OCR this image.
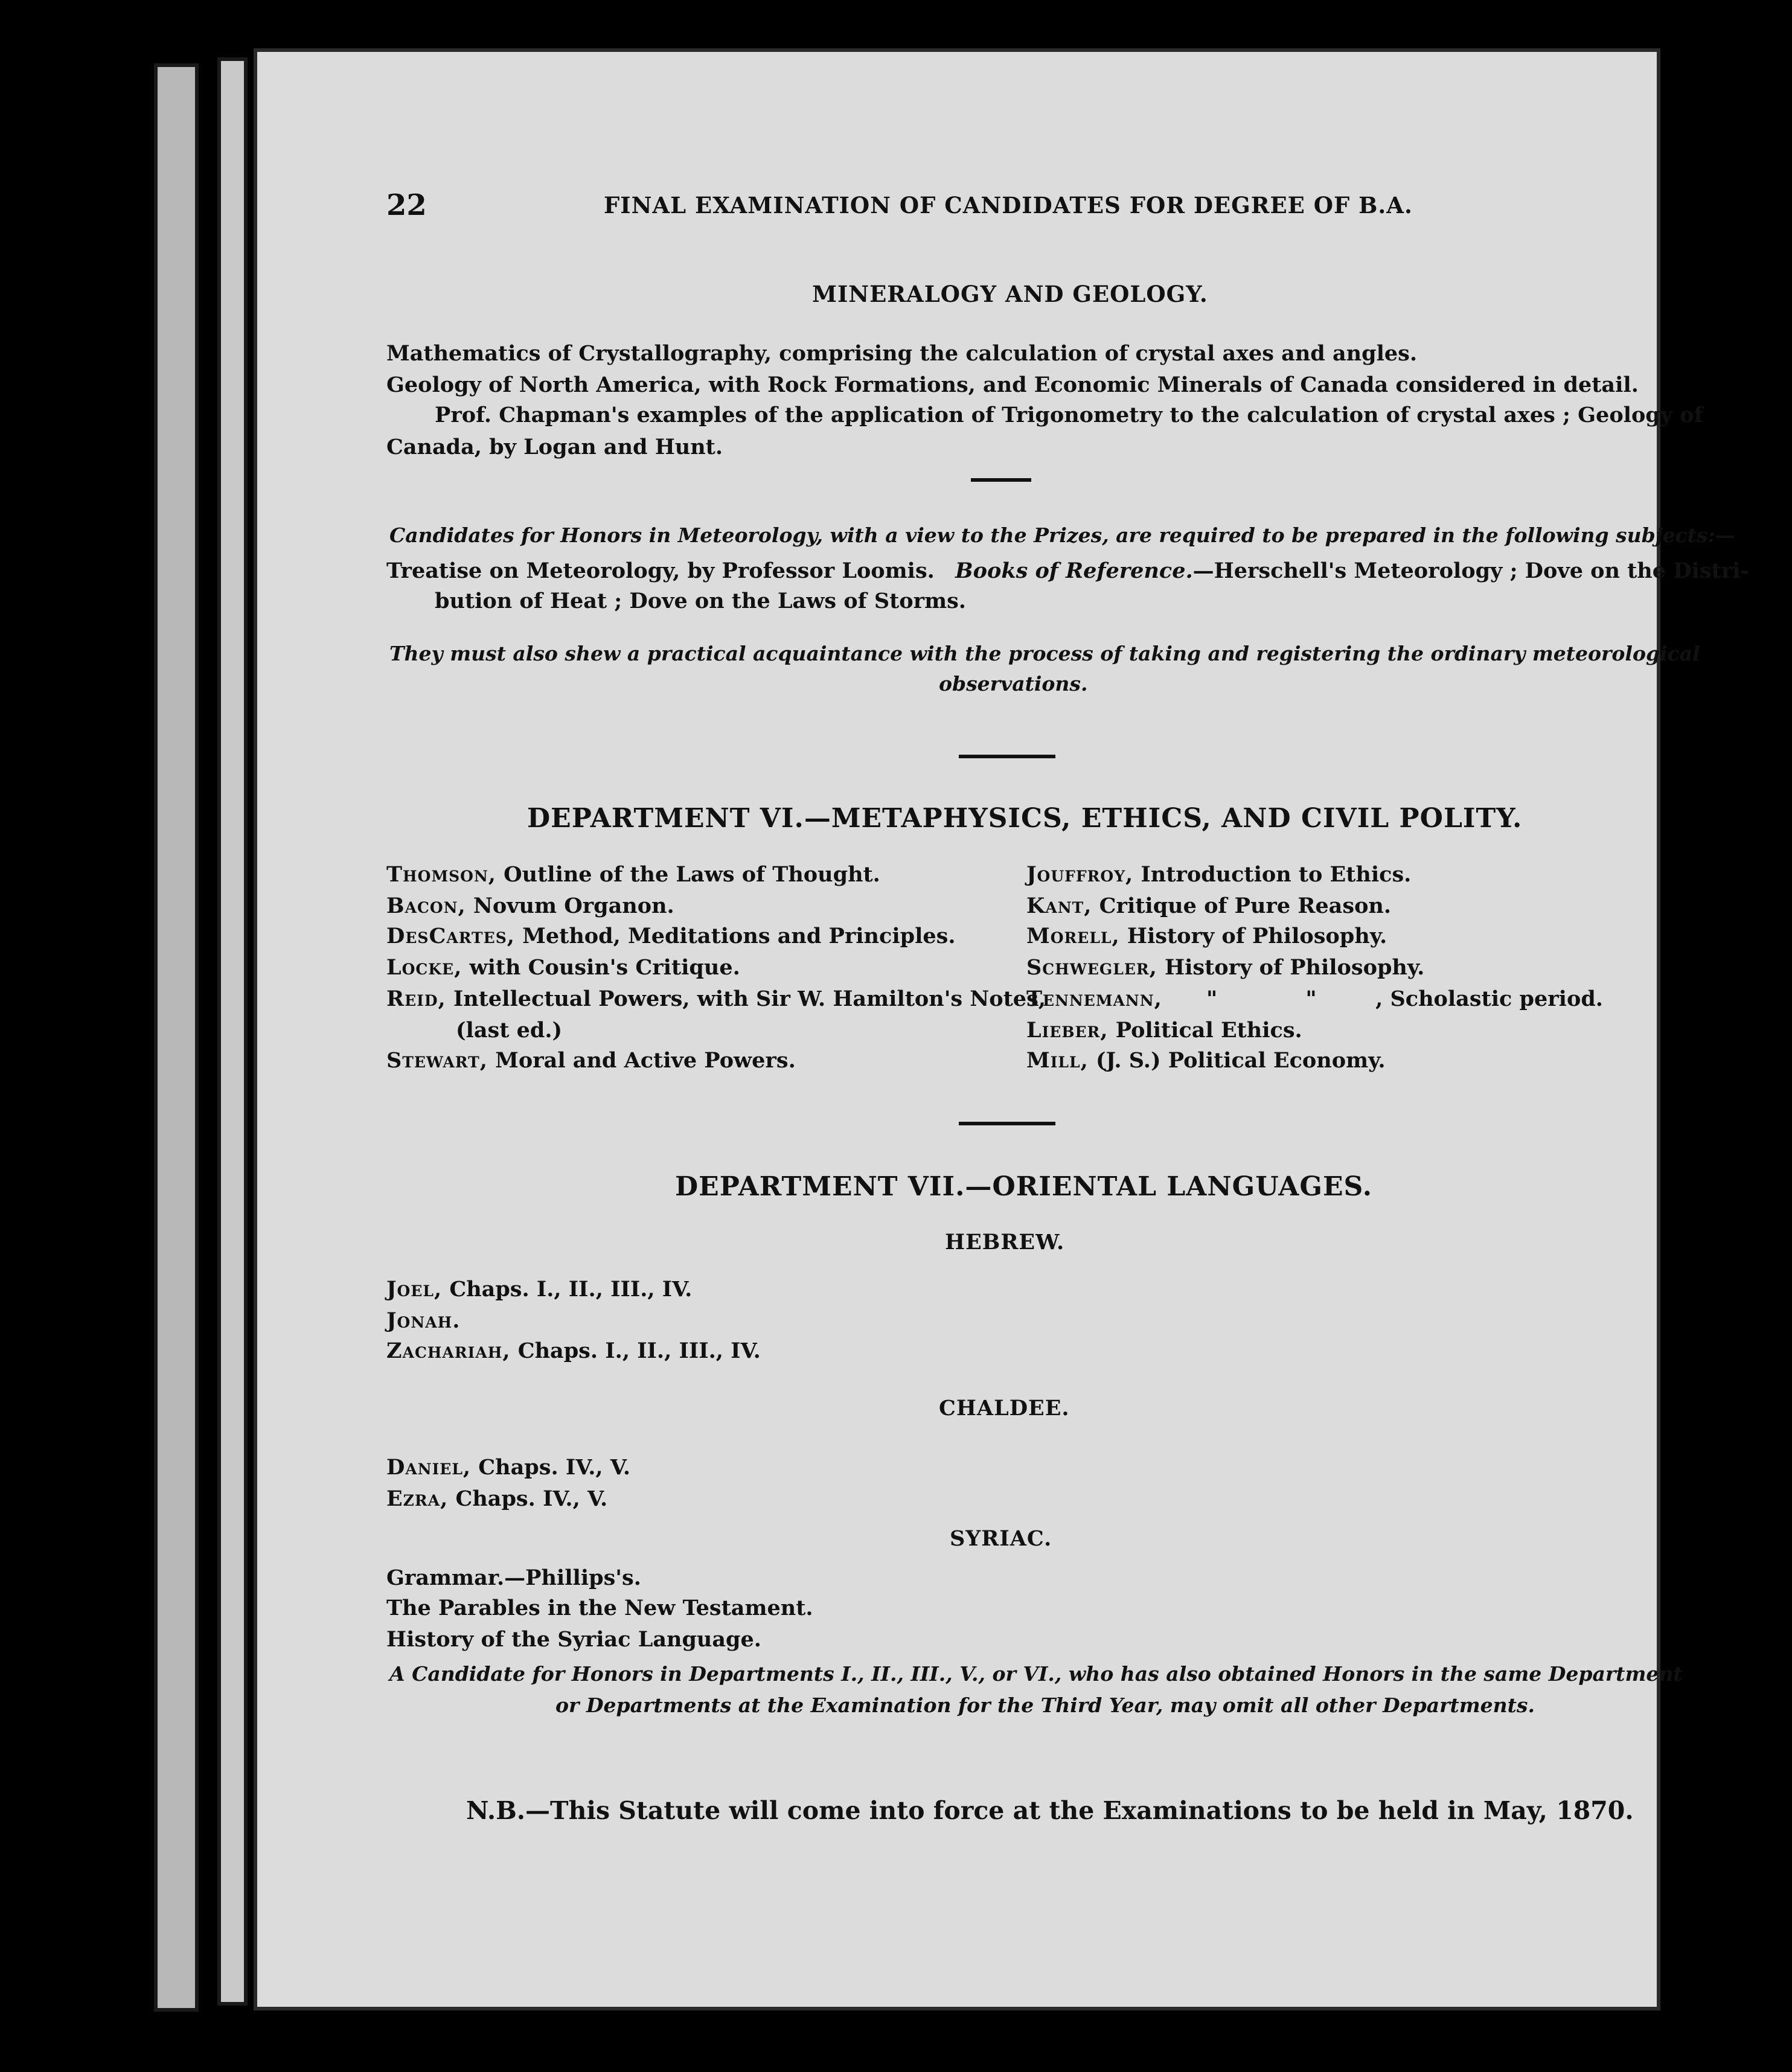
22	FINAL EXAMINATION OF CANDIDATES FOR DEGREE OF B.A.
MINERALOGY AND GEOLOGY.
Mathematics of Crystallography, comprising the calculation of crystal axes and angles.
Geology of North America, with Rock Formations, and Economic Minerals of Canada considered in detail.
Prof. Chapman's examples of the application of Trigonometry to the calculation of crystal axes ; Geology of
Canada, by Logan and Hunt.
Candidates for Honors in Meteorology, with a view to the Prizes, are required to be prepared in the following subjects:—
Treatise on Meteorology, by Professor Loomis. Books of Reference.—Herschell's Meteorology ; Dove on the Distri-
bution of Heat ; Dove on the Laws of Storms.
They must also shew a practical acquaintance with the process of taking and registering the ordinary meteorological
observations.
DEPARTMENT VI.—METAPHYSICS, ETHICS, AND CIVIL POLITY.
Thomson, Outline of the Laws of Thought.
Bacon, Novum Organon.
DesCartes, Method, Meditations and Principles.
Locke, with Cousin's Critique.
Reid, Intellectual Powers, with Sir W. Hamilton's Notes,
(last ed.)
Stewart, Moral and Active Powers.
Jouffroy, Introduction to Ethics.
Kant, Critique of Pure Reason.
Morell, History of Philosophy.
Schwegler, History of Philosophy.
Tennemann,      "            "        , Scholastic period.
Lieber, Political Ethics.
Mill, (J. S.) Political Economy.
DEPARTMENT VII.—ORIENTAL LANGUAGES.
HEBREW.
Joel, Chaps. I., II., III., IV.
Jonah.
Zachariah, Chaps. I., II., III., IV.
CHALDEE.
Daniel, Chaps. IV., V.
Ezra, Chaps. IV., V.
SYRIAC.
Grammar.—Phillips's.
The Parables in the New Testament.
History of the Syriac Language.
A Candidate for Honors in Departments I., II., III., V., or VI., who has also obtained Honors in the same Department
or Departments at the Examination for the Third Year, may omit all other Departments.
N.B.—This Statute will come into force at the Examinations to be held in May, 1870.
